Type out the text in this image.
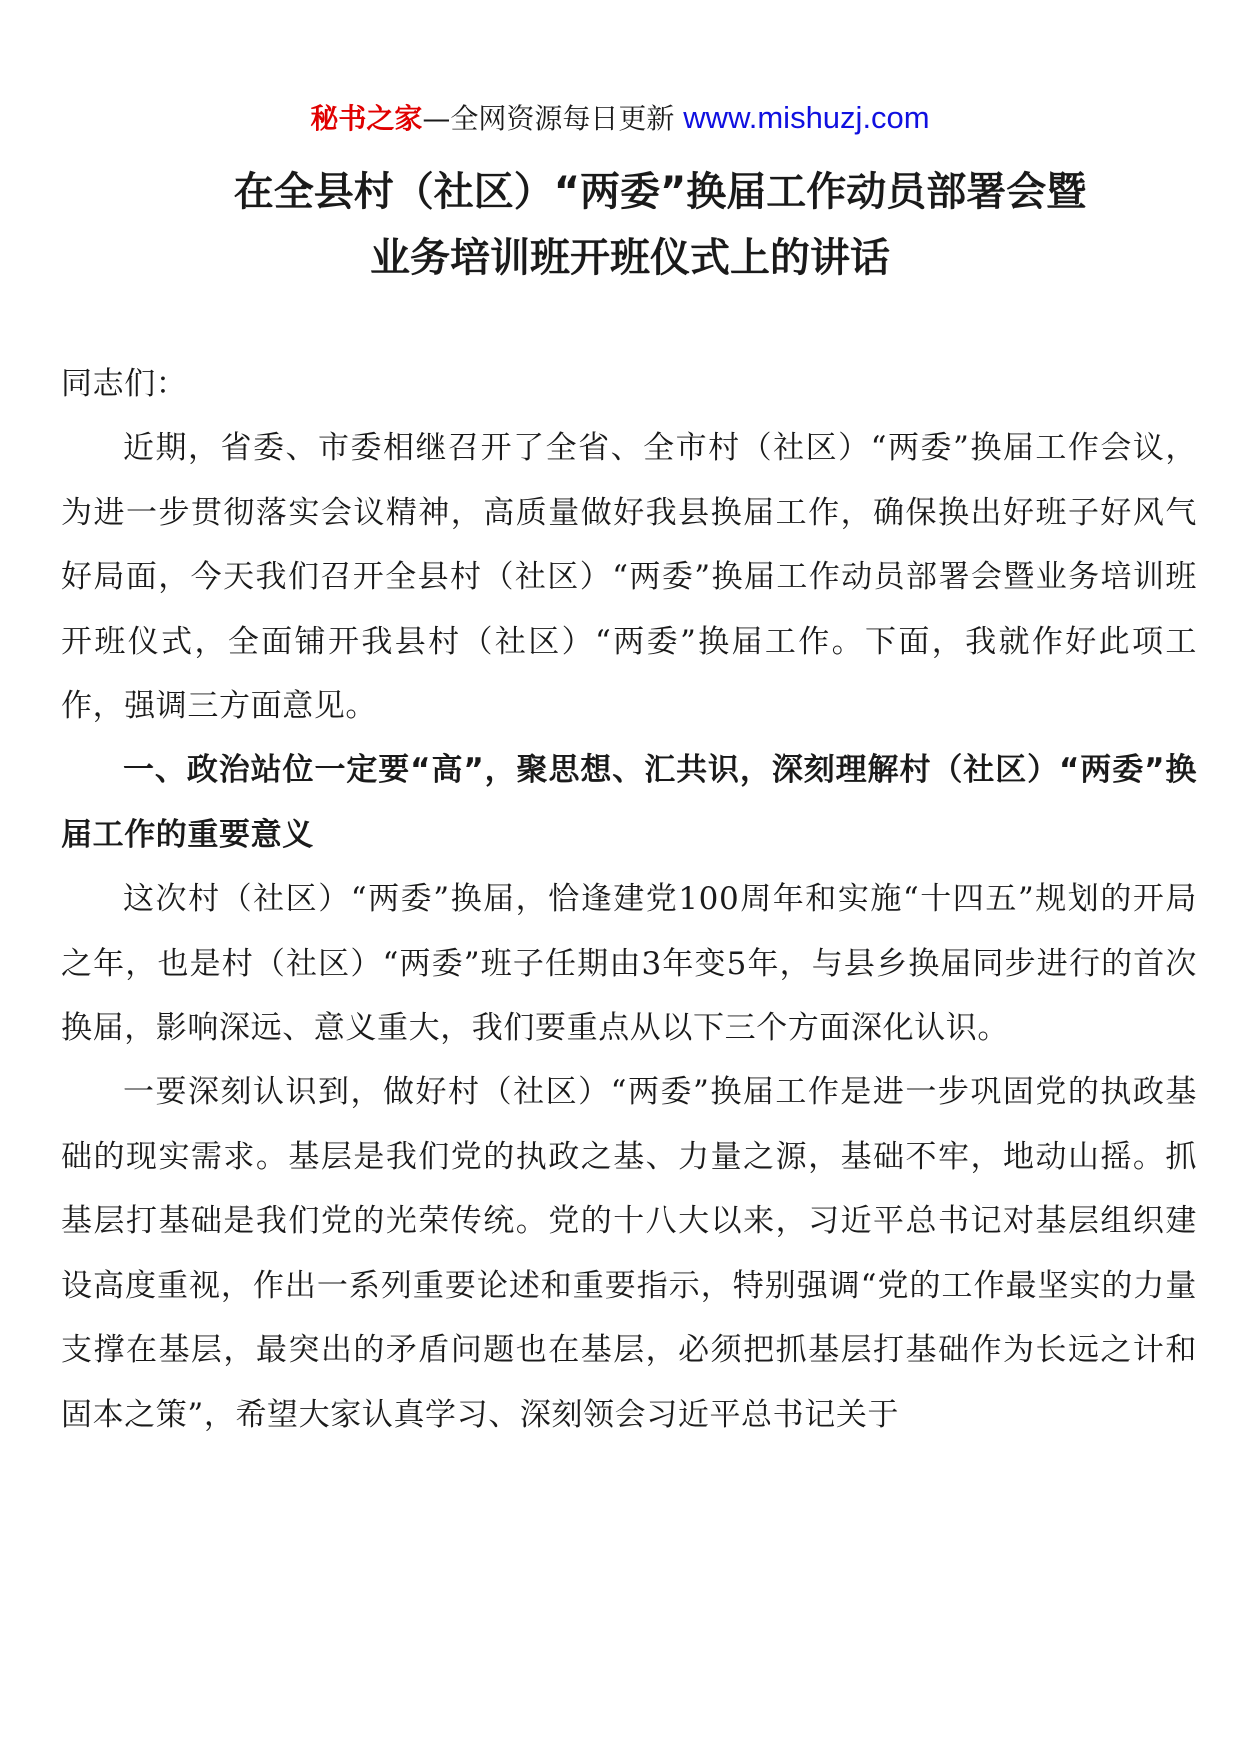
秘书之家—全网资源每日更新 www.mishuzj.com
在全县村（社区）“两委”换届工作动员部署会暨
业务培训班开班仪式上的讲话

同志们：

近期，省委、市委相继召开了全省、全市村（社区）“两委”换届工作会议，为进一步贯彻落实会议精神，高质量做好我县换届工作，确保换出好班子好风气好局面，今天我们召开全县村（社区）“两委”换届工作动员部署会暨业务培训班开班仪式，全面铺开我县村（社区）“两委”换届工作。下面，我就作好此项工作，强调三方面意见。

一、政治站位一定要“高”，聚思想、汇共识，深刻理解村（社区）“两委”换届工作的重要意义

这次村（社区）“两委”换届，恰逢建党100周年和实施“十四五”规划的开局之年，也是村（社区）“两委”班子任期由3年变5年，与县乡换届同步进行的首次换届，影响深远、意义重大，我们要重点从以下三个方面深化认识。

一要深刻认识到，做好村（社区）“两委”换届工作是进一步巩固党的执政基础的现实需求。基层是我们党的执政之基、力量之源，基础不牢，地动山摇。抓基层打基础是我们党的光荣传统。党的十八大以来，习近平总书记对基层组织建设高度重视，作出一系列重要论述和重要指示，特别强调“党的工作最坚实的力量支撑在基层，最突出的矛盾问题也在基层，必须把抓基层打基础作为长远之计和固本之策”，希望大家认真学习、深刻领会习近平总书记关于
